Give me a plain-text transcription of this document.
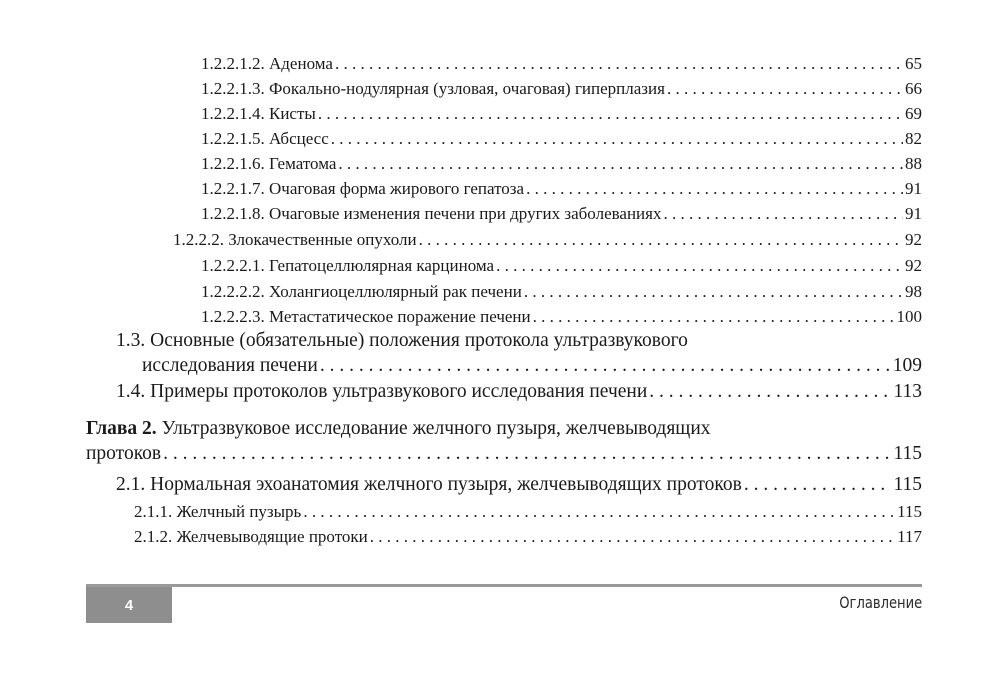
1.2.2.1.2. Аденома . . .	65
1.2.2.1.3. Фокально-нодулярная (узловая, очаговая) гиперплазия . . .	66
1.2.2.1.4. Кисты . . .	69
1.2.2.1.5. Абсцесс . . .	82
1.2.2.1.6. Гематома . . .	88
1.2.2.1.7. Очаговая форма жирового гепатоза . . .	91
1.2.2.1.8. Очаговые изменения печени при других заболеваниях . . .	91
1.2.2.2. Злокачественные опухоли . . .	92
1.2.2.2.1. Гепатоцеллюлярная карцинома . . .	92
1.2.2.2.2. Холангиоцеллюлярный рак печени . . .	98
1.2.2.2.3. Метастатическое поражение печени . . .	100
1.3. Основные (обязательные) положения протокола ультразвукового
исследования печени . . .	109
1.4. Примеры протоколов ультразвукового исследования печени . . .	113
Глава 2. Ультразвуковое исследование желчного пузыря, желчевыводящих
протоков . . .	115
2.1. Нормальная эхоанатомия желчного пузыря, желчевыводящих протоков . . .	115
2.1.1. Желчный пузырь . . .	115
2.1.2. Желчевыводящие протоки . . .	117
4	Оглавление
